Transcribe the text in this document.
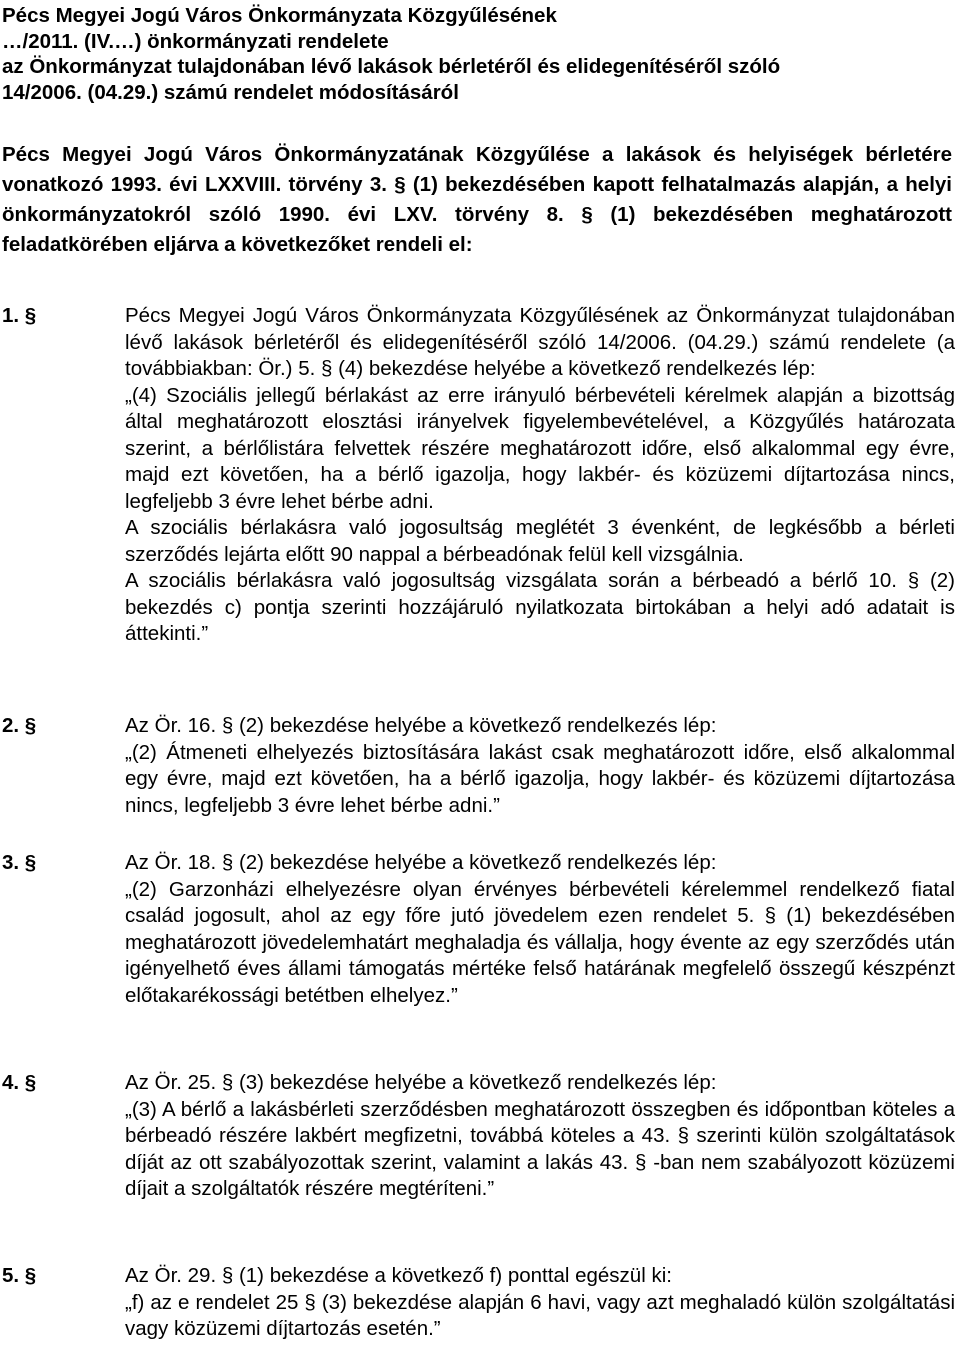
Pécs Megyei Jogú Város Önkormányzata Közgyűlésének
…/2011. (IV.…) önkormányzati rendelete
az Önkormányzat tulajdonában lévő lakások bérletéről és elidegenítéséről szóló
14/2006. (04.29.) számú rendelet módosításáról
Pécs Megyei Jogú Város Önkormányzatának Közgyűlése a lakások és helyiségek bérletére vonatkozó 1993. évi LXXVIII. törvény 3. § (1) bekezdésében kapott felhatalmazás alapján, a helyi önkormányzatokról szóló 1990. évi LXV. törvény 8. § (1) bekezdésében meghatározott feladatkörében eljárva a következőket rendeli el:
1. §	Pécs Megyei Jogú Város Önkormányzata Közgyűlésének az Önkormányzat tulajdonában lévő lakások bérletéről és elidegenítéséről szóló 14/2006. (04.29.) számú rendelete (a továbbiakban: Ör.) 5. § (4) bekezdése helyébe a következő rendelkezés lép:

„(4) Szociális jellegű bérlakást az erre irányuló bérbevételi kérelmek alapján a bizottság által meghatározott elosztási irányelvek figyelembevételével, a Közgyűlés határozata szerint, a bérlőlistára felvettek részére meghatározott időre, első alkalommal egy évre, majd ezt követően, ha a bérlő igazolja, hogy lakbér- és közüzemi díjtartozása nincs, legfeljebb 3 évre lehet bérbe adni.

A szociális bérlakásra való jogosultság meglétét 3 évenként, de legkésőbb a bérleti szerződés lejárta előtt 90 nappal a bérbeadónak felül kell vizsgálnia.

A szociális bérlakásra való jogosultság vizsgálata során a bérbeadó a bérlő 10. § (2) bekezdés c) pontja szerinti hozzájáruló nyilatkozata birtokában a helyi adó adatait is áttekinti.”

2. §	Az Ör. 16. § (2) bekezdése helyébe a következő rendelkezés lép:

„(2) Átmeneti elhelyezés biztosítására lakást csak meghatározott időre, első alkalommal egy évre, majd ezt követően, ha a bérlő igazolja, hogy lakbér- és közüzemi díjtartozása nincs, legfeljebb 3 évre lehet bérbe adni.”

3. §	Az Ör. 18. § (2) bekezdése helyébe a következő rendelkezés lép:

„(2) Garzonházi elhelyezésre olyan érvényes bérbevételi kérelemmel rendelkező fiatal család jogosult, ahol az egy főre jutó jövedelem ezen rendelet 5. § (1) bekezdésében meghatározott jövedelemhatárt meghaladja és vállalja, hogy évente az egy szerződés után igényelhető éves állami támogatás mértéke felső határának megfelelő összegű készpénzt előtakarékossági betétben elhelyez.”

4. §	Az Ör. 25. § (3) bekezdése helyébe a következő rendelkezés lép:

„(3) A bérlő a lakásbérleti szerződésben meghatározott összegben és időpontban köteles a bérbeadó részére lakbért megfizetni, továbbá köteles a 43. § szerinti külön szolgáltatások díját az ott szabályozottak szerint, valamint a lakás 43. § -ban nem szabályozott közüzemi díjait a szolgáltatók részére megtéríteni.”

5. §	Az Ör. 29. § (1) bekezdése a következő f) ponttal egészül ki:

„f) az e rendelet 25 § (3) bekezdése alapján 6 havi, vagy azt meghaladó külön szolgáltatási vagy közüzemi díjtartozás esetén.”
